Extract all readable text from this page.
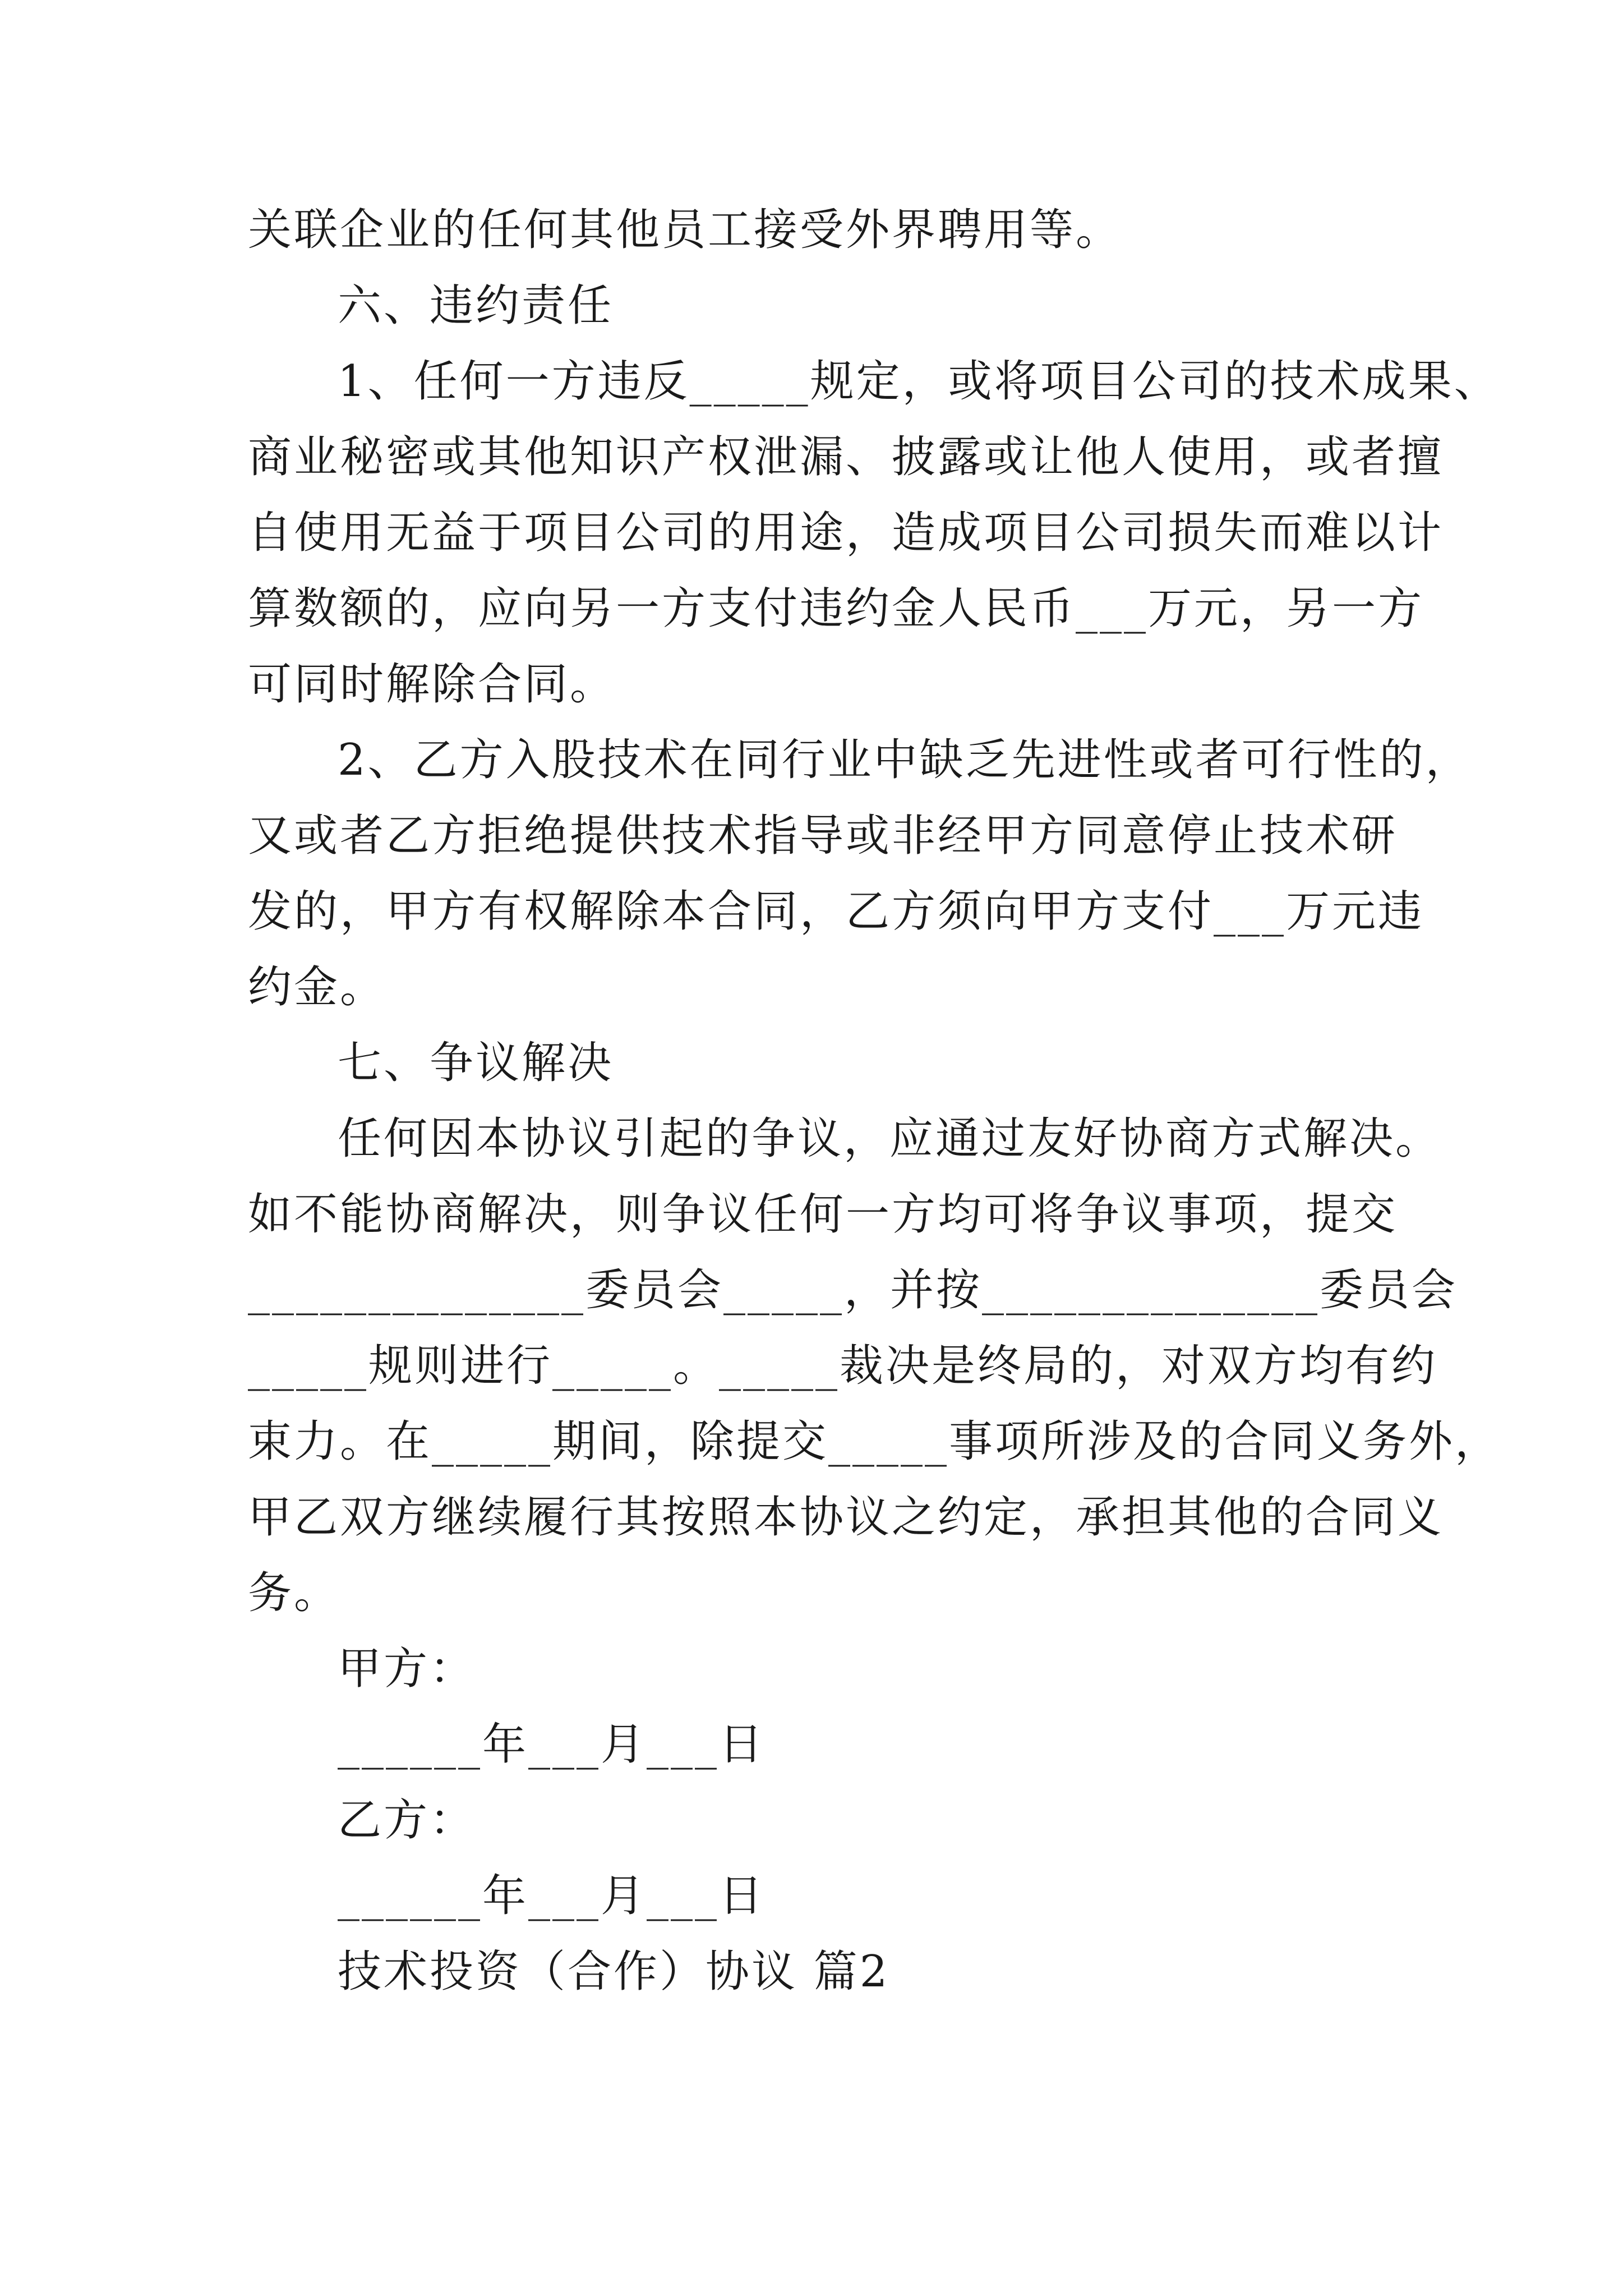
关联企业的任何其他员工接受外界聘用等。
六、违约责任
1、任何一方违反_____规定，或将项目公司的技术成果、
商业秘密或其他知识产权泄漏、披露或让他人使用，或者擅
自使用无益于项目公司的用途，造成项目公司损失而难以计
算数额的，应向另一方支付违约金人民币___万元，另一方
可同时解除合同。
2、乙方入股技术在同行业中缺乏先进性或者可行性的，
又或者乙方拒绝提供技术指导或非经甲方同意停止技术研
发的，甲方有权解除本合同，乙方须向甲方支付___万元违
约金。
七、争议解决
任何因本协议引起的争议，应通过友好协商方式解决。
如不能协商解决，则争议任何一方均可将争议事项，提交
______________委员会_____，并按______________委员会
_____规则进行_____。_____裁决是终局的，对双方均有约
束力。在_____期间，除提交_____事项所涉及的合同义务外，
甲乙双方继续履行其按照本协议之约定，承担其他的合同义
务。
甲方：
______年___月___日
乙方：
______年___月___日
技术投资（合作）协议 篇2
